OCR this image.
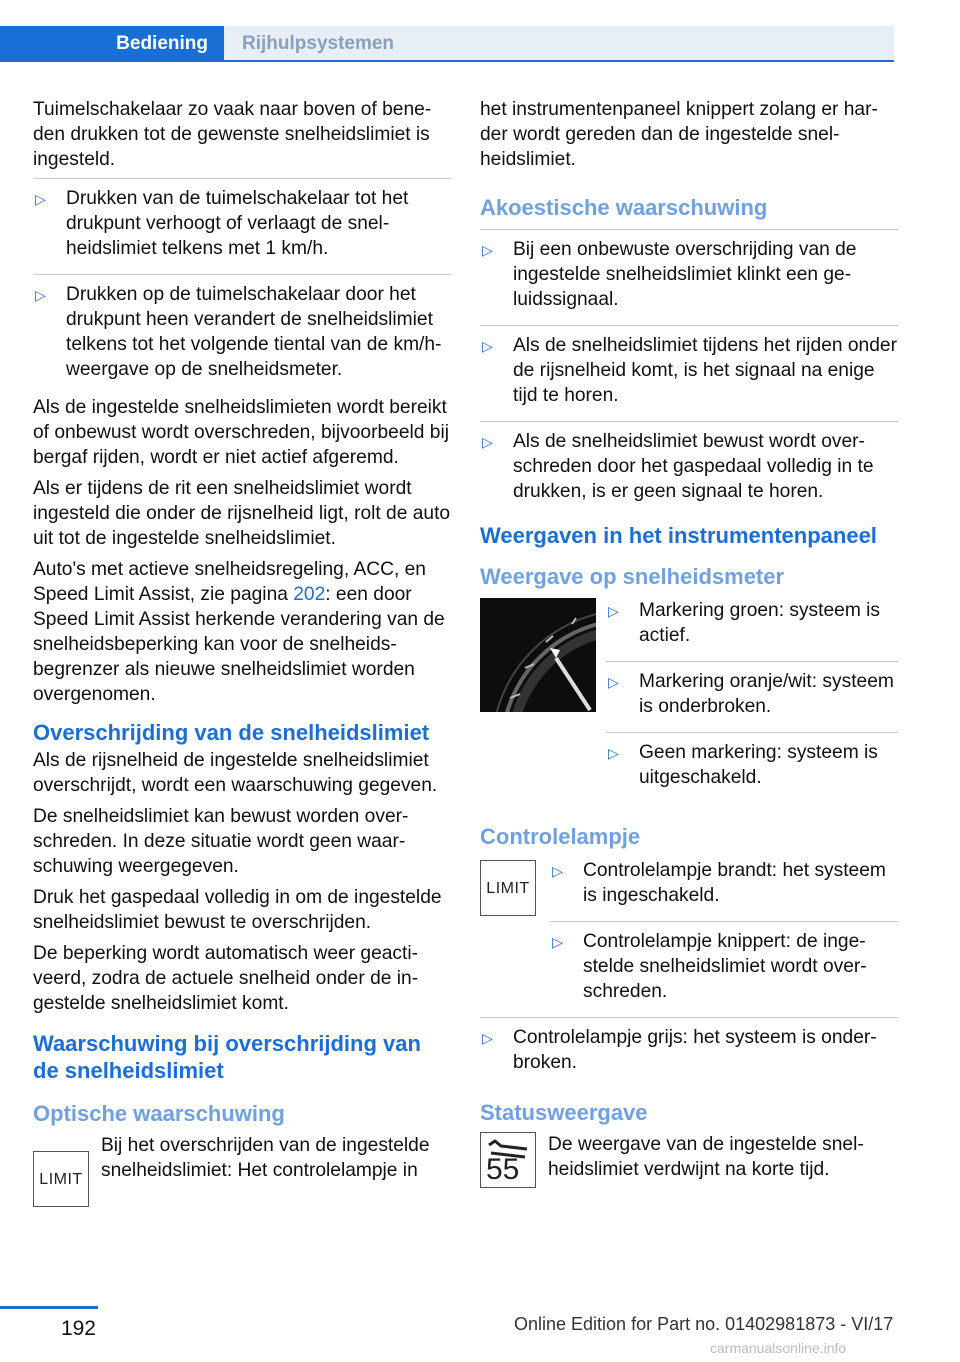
Bediening	Rijhulpsystemen

Tuimelschakelaar zo vaak naar boven of beneden drukken tot de gewenste snelheidslimiet is ingesteld.

▷ Drukken van de tuimelschakelaar tot het drukpunt verhoogt of verlaagt de snelheidslimiet telkens met 1 km/h.
▷ Drukken op de tuimelschakelaar door het drukpunt heen verandert de snelheidslimiet telkens tot het volgende tiental van de km/h-weergave op de snelheidsmeter.

Als de ingestelde snelheidslimieten wordt bereikt of onbewust wordt overschreden, bijvoorbeeld bij bergaf rijden, wordt er niet actief afgeremd.

Als er tijdens de rit een snelheidslimiet wordt ingesteld die onder de rijsnelheid ligt, rolt de auto uit tot de ingestelde snelheidslimiet.

Auto's met actieve snelheidsregeling, ACC, en Speed Limit Assist, zie pagina 202: een door Speed Limit Assist herkende verandering van de snelheidsbeperking kan voor de snelheidsbegrenzer als nieuwe snelheidslimiet worden overgenomen.

Overschrijding van de snelheidslimiet

Als de rijsnelheid de ingestelde snelheidslimiet overschrijdt, wordt een waarschuwing gegeven.

De snelheidslimiet kan bewust worden overschreden. In deze situatie wordt geen waarschuwing weergegeven.

Druk het gaspedaal volledig in om de ingestelde snelheidslimiet bewust te overschrijden.

De beperking wordt automatisch weer geactiveerd, zodra de actuele snelheid onder de ingestelde snelheidslimiet komt.

Waarschuwing bij overschrijding van de snelheidslimiet
Optische waarschuwing
LIMIT
Bij het overschrijden van de ingestelde snelheidslimiet: Het controlelampje in

het instrumentenpaneel knippert zolang er harder wordt gereden dan de ingestelde snelheidslimiet.

Akoestische waarschuwing
▷ Bij een onbewuste overschrijding van de ingestelde snelheidslimiet klinkt een geluidssignaal.
▷ Als de snelheidslimiet tijdens het rijden onder de rijsnelheid komt, is het signaal na enige tijd te horen.
▷ Als de snelheidslimiet bewust wordt overschreden door het gaspedaal volledig in te drukken, is er geen signaal te horen.
Weergaven in het instrumentenpaneel
Weergave op snelheidsmeter
▷ Markering groen: systeem is actief.
▷ Markering oranje/wit: systeem is onderbroken.
▷ Geen markering: systeem is uitgeschakeld.
Controlelampje
LIMIT
▷ Controlelampje brandt: het systeem is ingeschakeld.
▷ Controlelampje knippert: de ingestelde snelheidslimiet wordt overschreden.
▷ Controlelampje grijs: het systeem is onderbroken.
Statusweergave
55
De weergave van de ingestelde snelheidslimiet verdwijnt na korte tijd.
192	Online Edition for Part no. 01402981873 - VI/17
carmanualsonline.info
